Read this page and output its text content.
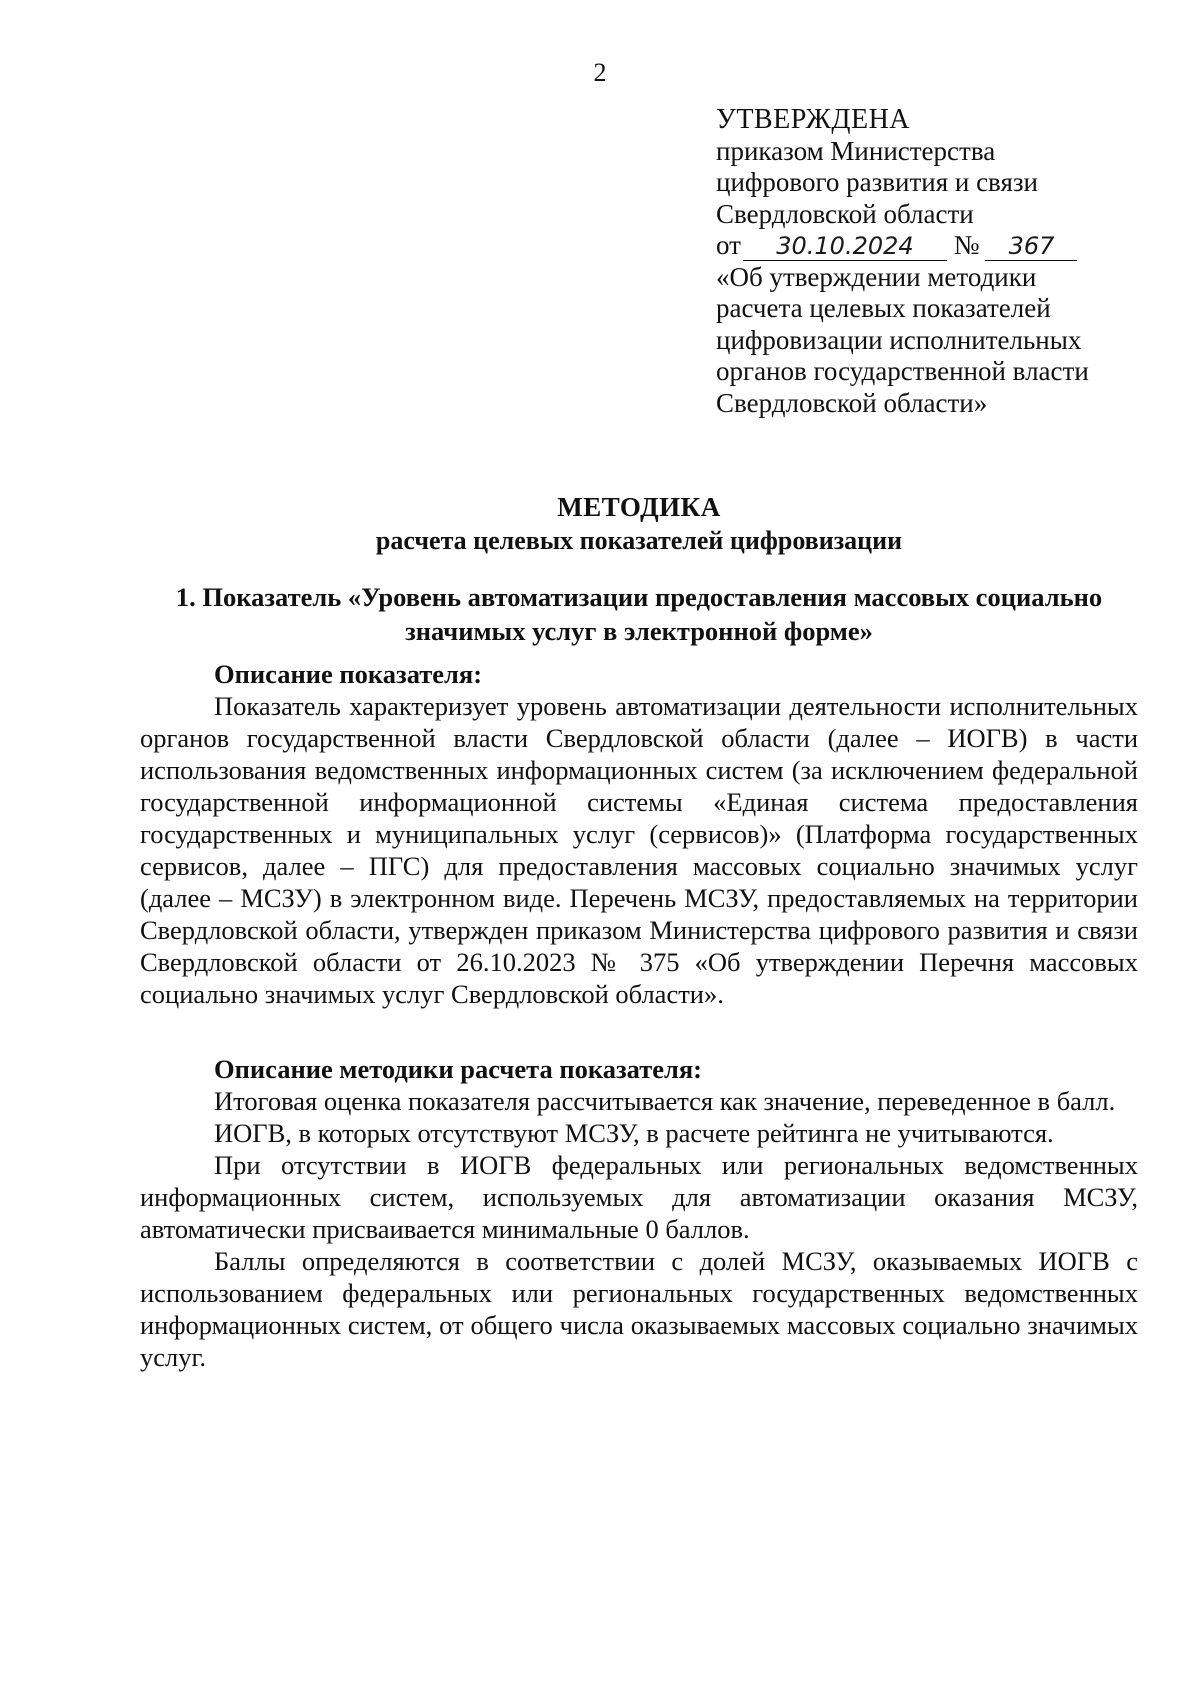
2
УТВЕРЖДЕНА
приказом Министерства
цифрового развития и связи
Свердловской области
от 30.10.2024 № 367
«Об утверждении методики
расчета целевых показателей
цифровизации исполнительных
органов государственной власти
Свердловской области»
МЕТОДИКА
расчета целевых показателей цифровизации
1. Показатель «Уровень автоматизации предоставления массовых социально значимых услуг в электронной форме»

Описание показателя:

Показатель характеризует уровень автоматизации деятельности исполнительных органов государственной власти Свердловской области (далее – ИОГВ) в части использования ведомственных информационных систем (за исключением федеральной государственной информационной системы «Единая система предоставления государственных и муниципальных услуг (сервисов)» (Платформа государственных сервисов, далее – ПГС) для предоставления массовых социально значимых услуг (далее – МСЗУ) в электронном виде. Перечень МСЗУ, предоставляемых на территории Свердловской области, утвержден приказом Министерства цифрового развития и связи Свердловской области от 26.10.2023 № 375 «Об утверждении Перечня массовых социально значимых услуг Свердловской области».

Описание методики расчета показателя:

Итоговая оценка показателя рассчитывается как значение, переведенное в балл.

ИОГВ, в которых отсутствуют МСЗУ, в расчете рейтинга не учитываются.

При отсутствии в ИОГВ федеральных или региональных ведомственных информационных систем, используемых для автоматизации оказания МСЗУ, автоматически присваивается минимальные 0 баллов.

Баллы определяются в соответствии с долей МСЗУ, оказываемых ИОГВ с использованием федеральных или региональных государственных ведомственных информационных систем, от общего числа оказываемых массовых социально значимых услуг.
